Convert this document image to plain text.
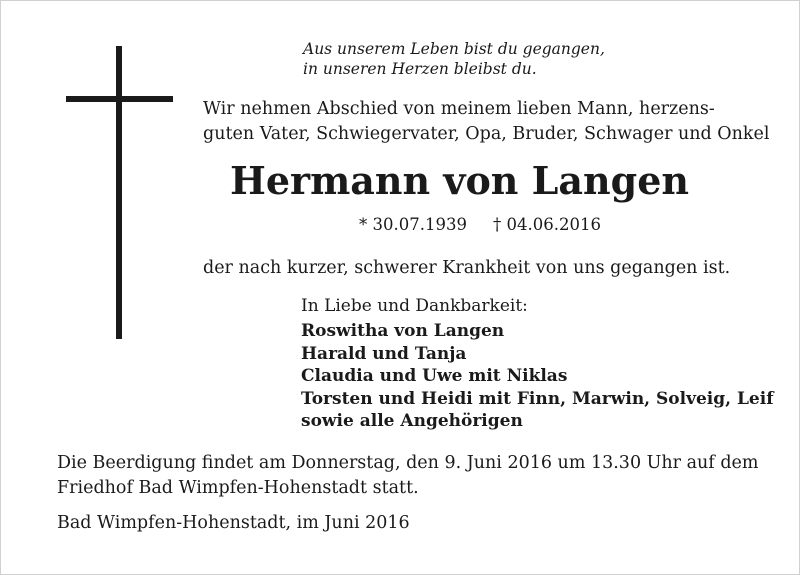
Aus unserem Leben bist du gegangen,
in unseren Herzen bleibst du.
Wir nehmen Abschied von meinem lieben Mann, herzens-
guten Vater, Schwiegervater, Opa, Bruder, Schwager und Onkel
Hermann von Langen
* 30.07.1939 † 04.06.2016
der nach kurzer, schwerer Krankheit von uns gegangen ist.
In Liebe und Dankbarkeit:
Roswitha von Langen
Harald und Tanja
Claudia und Uwe mit Niklas
Torsten und Heidi mit Finn, Marwin, Solveig, Leif
sowie alle Angehörigen
Die Beerdigung findet am Donnerstag, den 9. Juni 2016 um 13.30 Uhr auf dem
Friedhof Bad Wimpfen-Hohenstadt statt.
Bad Wimpfen-Hohenstadt, im Juni 2016
